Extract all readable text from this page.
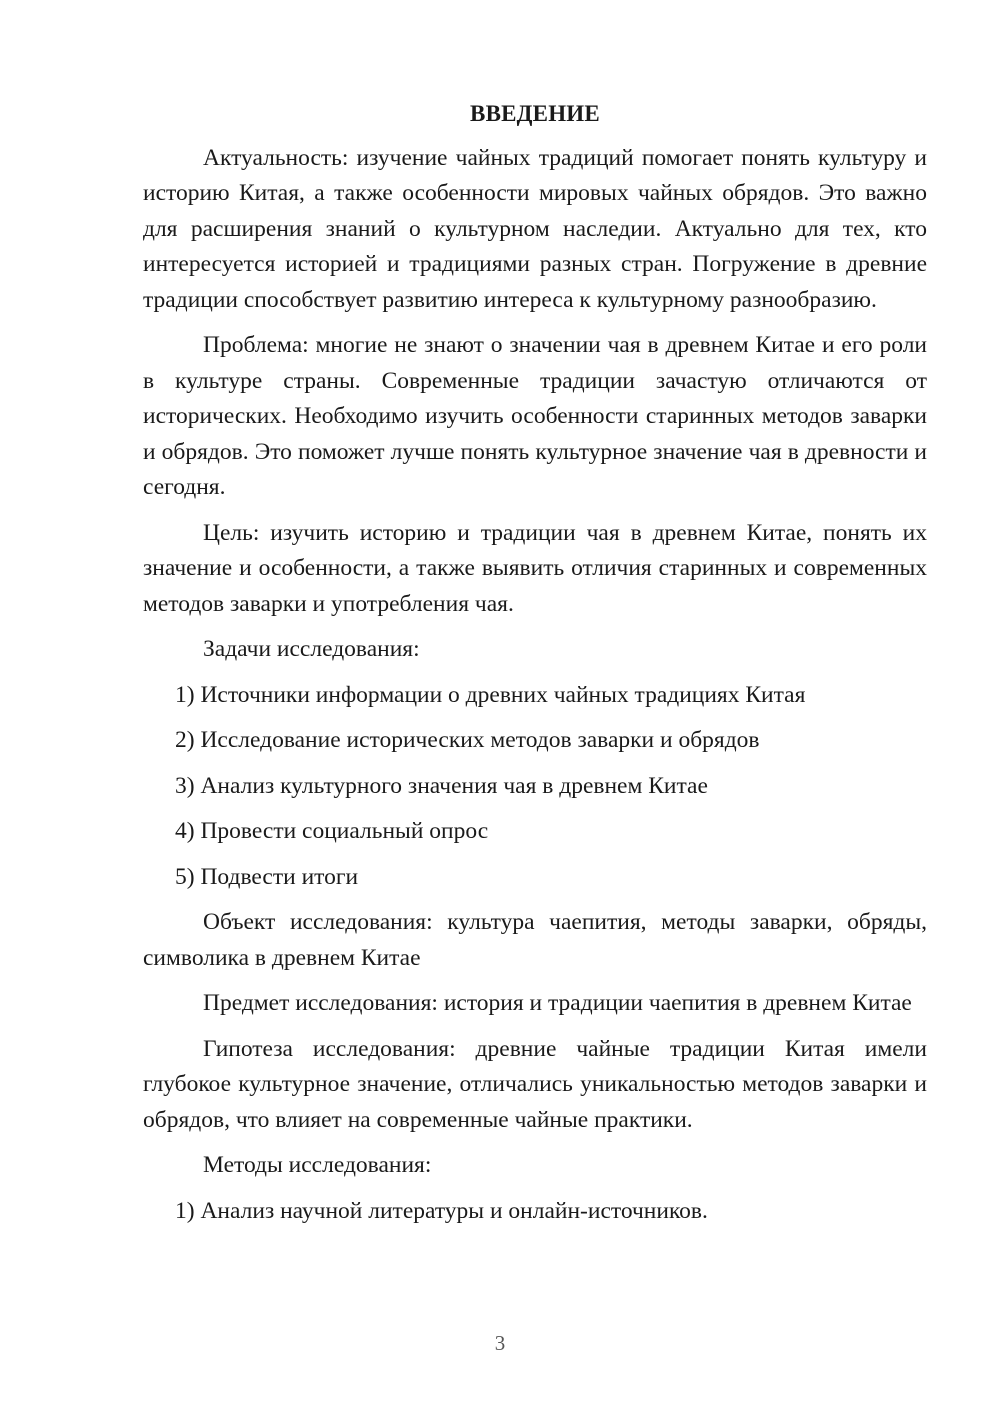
ВВЕДЕНИЕ

Актуальность: изучение чайных традиций помогает понять культуру и историю Китая, а также особенности мировых чайных обрядов. Это важно для расширения знаний о культурном наследии. Актуально для тех, кто интересуется историей и традициями разных стран. Погружение в древние традиции способствует развитию интереса к культурному разнообразию.

Проблема: многие не знают о значении чая в древнем Китае и его роли в культуре страны. Современные традиции зачастую отличаются от исторических. Необходимо изучить особенности старинных методов заварки и обрядов. Это поможет лучше понять культурное значение чая в древности и сегодня.

Цель: изучить историю и традиции чая в древнем Китае, понять их значение и особенности, а также выявить отличия старинных и современных методов заварки и употребления чая.

Задачи исследования:
1) Источники информации о древних чайных традициях Китая
2) Исследование исторических методов заварки и обрядов
3) Анализ культурного значения чая в древнем Китае
4) Провести социальный опрос
5) Подвести итоги

Объект исследования: культура чаепития, методы заварки, обряды, символика в древнем Китае

Предмет исследования: история и традиции чаепития в древнем Китае

Гипотеза исследования: древние чайные традиции Китая имели глубокое культурное значение, отличались уникальностью методов заварки и обрядов, что влияет на современные чайные практики.

Методы исследования:
1) Анализ научной литературы и онлайн-источников.
3
